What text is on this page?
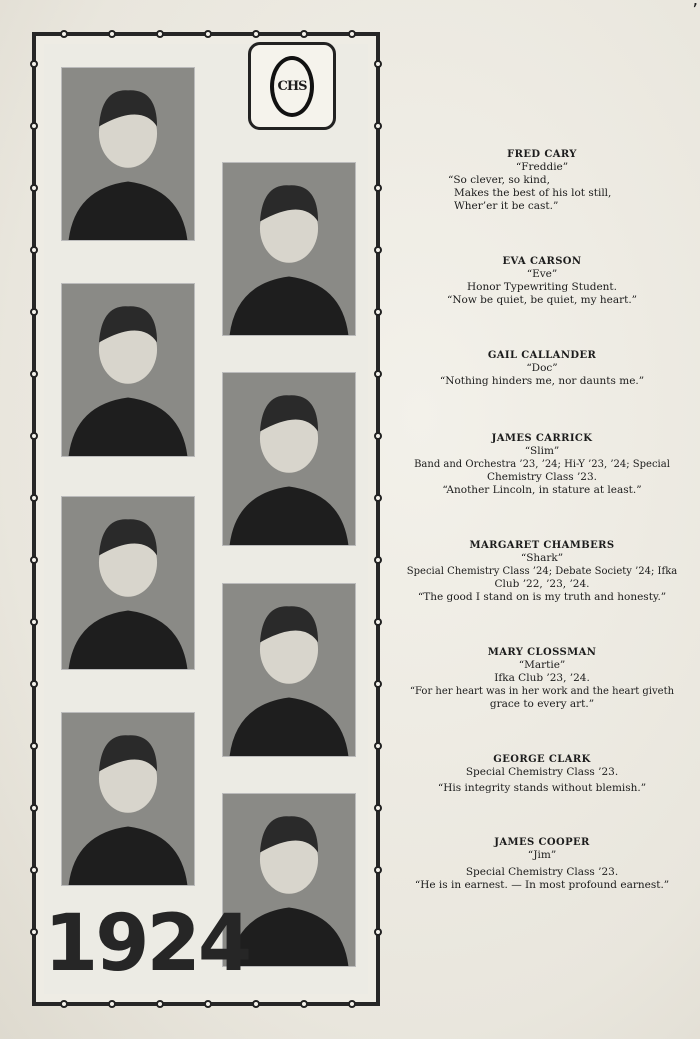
’
CHS
1924
FRED CARY
“Freddie”
“So clever, so kind,
Makes the best of his lot still,
Wher’er it be cast.”
EVA CARSON
“Eve”
Honor Typewriting Student.
“Now be quiet, be quiet, my heart.”
GAIL CALLANDER
“Doc”
“Nothing hinders me, nor daunts me.”
JAMES CARRICK
“Slim”
Band and Orchestra ’23, ’24; Hi-Y ’23, ’24; Special
Chemistry Class ’23.
“Another Lincoln, in stature at least.”
MARGARET CHAMBERS
“Shark”
Special Chemistry Class ’24; Debate Society ’24; Ifka
Club ’22, ’23, ’24.
“The good I stand on is my truth and honesty.”
MARY CLOSSMAN
“Martie”
Ifka Club ’23, ’24.
“For her heart was in her work and the heart giveth
grace to every art.”
GEORGE CLARK
Special Chemistry Class ’23.
“His integrity stands without blemish.”
JAMES COOPER
“Jim”
Special Chemistry Class ’23.
“He is in earnest. — In most profound earnest.”
